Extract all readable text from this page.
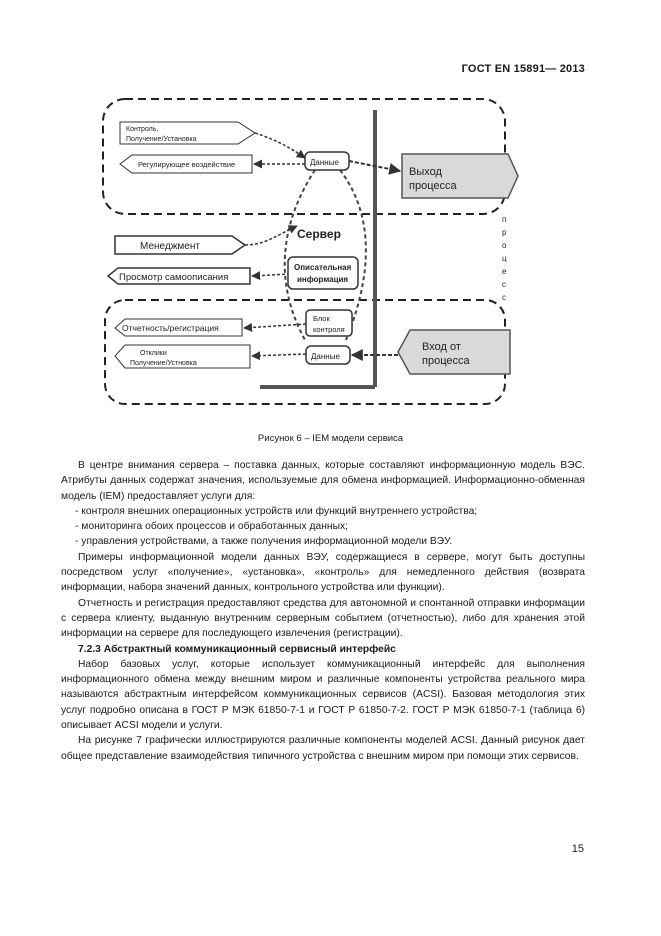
ГОСТ EN 15891— 2013
Контроль,
Получение/Установка
Регулирующее воздействие	Данные
Выход
процесса
Сервер
Менеджмент
Просмотр самоописания
Описательная
информация
Блок
контроля
Отчетность/регистрация
Отклики
Получение/Устновка
Данные
Вход от
процесса
п
р
о
ц
е
с
с
Рисунок 6 – IEM модели сервиса

В центре внимания сервера – поставка данных, которые составляют информационную модель ВЭС. Атрибуты данных содержат значения, используемые для обмена информацией. Информационно-обменная модель (IEM) предоставляет услуги для:

- контроля внешних операционных устройств или функций внутреннего устройства;

- мониторинга обоих процессов и обработанных данных;

- управления устройствами, а также получения информационной модели ВЭУ.

Примеры информационной модели данных ВЭУ, содержащиеся в сервере, могут быть доступны посредством услуг «получение», «установка», «контроль» для немедленного действия (возврата информации, набора значений данных, контрольного устройства или функции).

Отчетность и регистрация предоставляют средства для автономной и спонтанной отправки информации с сервера клиенту, выданную внутренним серверным событием (отчетностью), либо для хранения этой информации на сервере для последующего извлечения (регистрации).

7.2.3 Абстрактный коммуникационный сервисный интерфейс

Набор базовых услуг, которые использует коммуникационный интерфейс для выполнения информационного обмена между внешним миром и различные компоненты устройства реального мира называются абстрактным интерфейсом коммуникационных сервисов (ACSI). Базовая методология этих услуг подробно описана в ГОСТ Р МЭК 61850-7-1 и ГОСТ Р 61850-7-2. ГОСТ Р МЭК 61850-7-1 (таблица 6) описывает ACSI модели и услуги.

На рисунке 7 графически иллюстрируются различные компоненты моделей ACSI. Данный рисунок дает общее представление взаимодействия типичного устройства с внешним миром при помощи этих сервисов.

15
